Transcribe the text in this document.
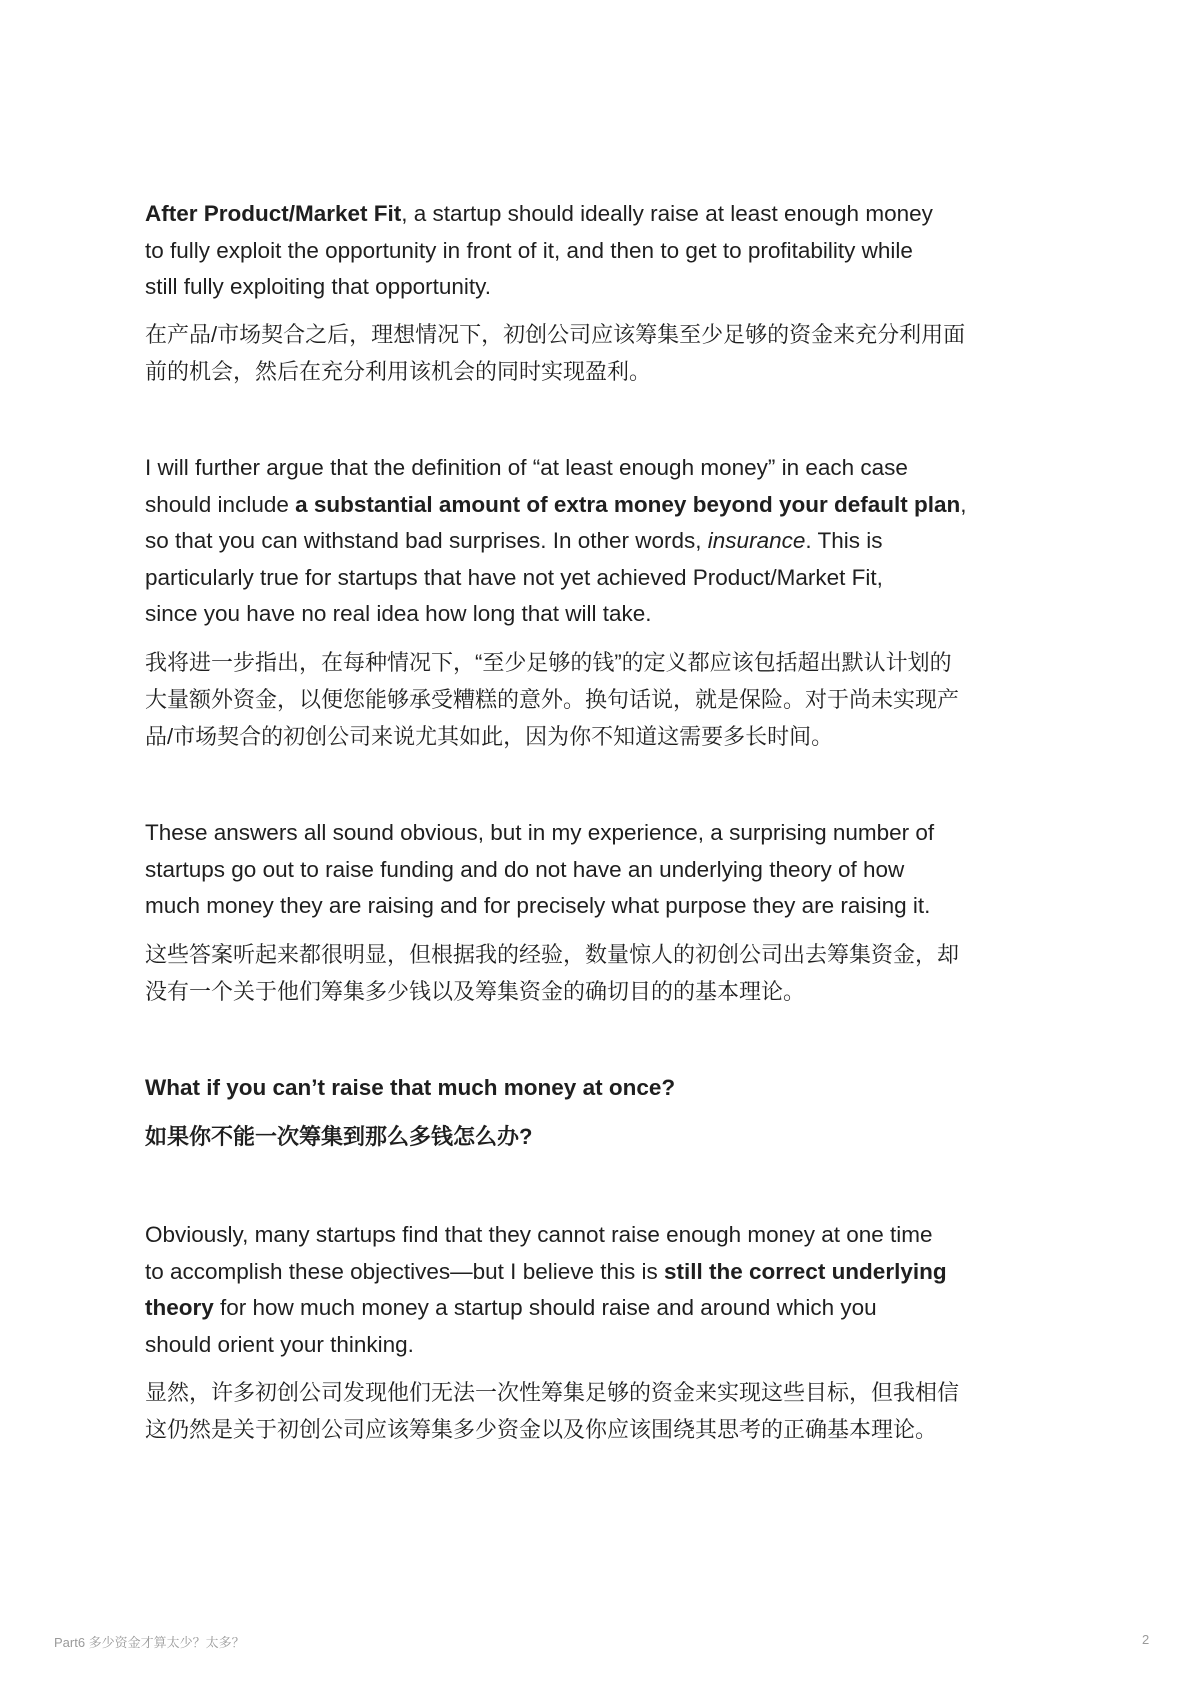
After Product/Market Fit, a startup should ideally raise at least enough money
to fully exploit the opportunity in front of it, and then to get to profitability while
still fully exploiting that opportunity.
在产品/市场契合之后，理想情况下，初创公司应该筹集至少足够的资金来充分利用面
前的机会，然后在充分利用该机会的同时实现盈利。
I will further argue that the definition of “at least enough money” in each case
should include a substantial amount of extra money beyond your default plan,
so that you can withstand bad surprises. In other words, insurance. This is
particularly true for startups that have not yet achieved Product/Market Fit,
since you have no real idea how long that will take.
我将进一步指出，在每种情况下，“至少足够的钱”的定义都应该包括超出默认计划的
大量额外资金，以便您能够承受糟糕的意外。换句话说，就是保险。对于尚未实现产
品/市场契合的初创公司来说尤其如此，因为你不知道这需要多长时间。
These answers all sound obvious, but in my experience, a surprising number of
startups go out to raise funding and do not have an underlying theory of how
much money they are raising and for precisely what purpose they are raising it.
这些答案听起来都很明显，但根据我的经验，数量惊人的初创公司出去筹集资金，却
没有一个关于他们筹集多少钱以及筹集资金的确切目的的基本理论。
What if you can’t raise that much money at once?
如果你不能一次筹集到那么多钱怎么办?
Obviously, many startups find that they cannot raise enough money at one time
to accomplish these objectives—but I believe this is still the correct underlying
theory for how much money a startup should raise and around which you
should orient your thinking.
显然，许多初创公司发现他们无法一次性筹集足够的资金来实现这些目标，但我相信
这仍然是关于初创公司应该筹集多少资金以及你应该围绕其思考的正确基本理论。
Part6 多少资金才算太少？太多？	2
